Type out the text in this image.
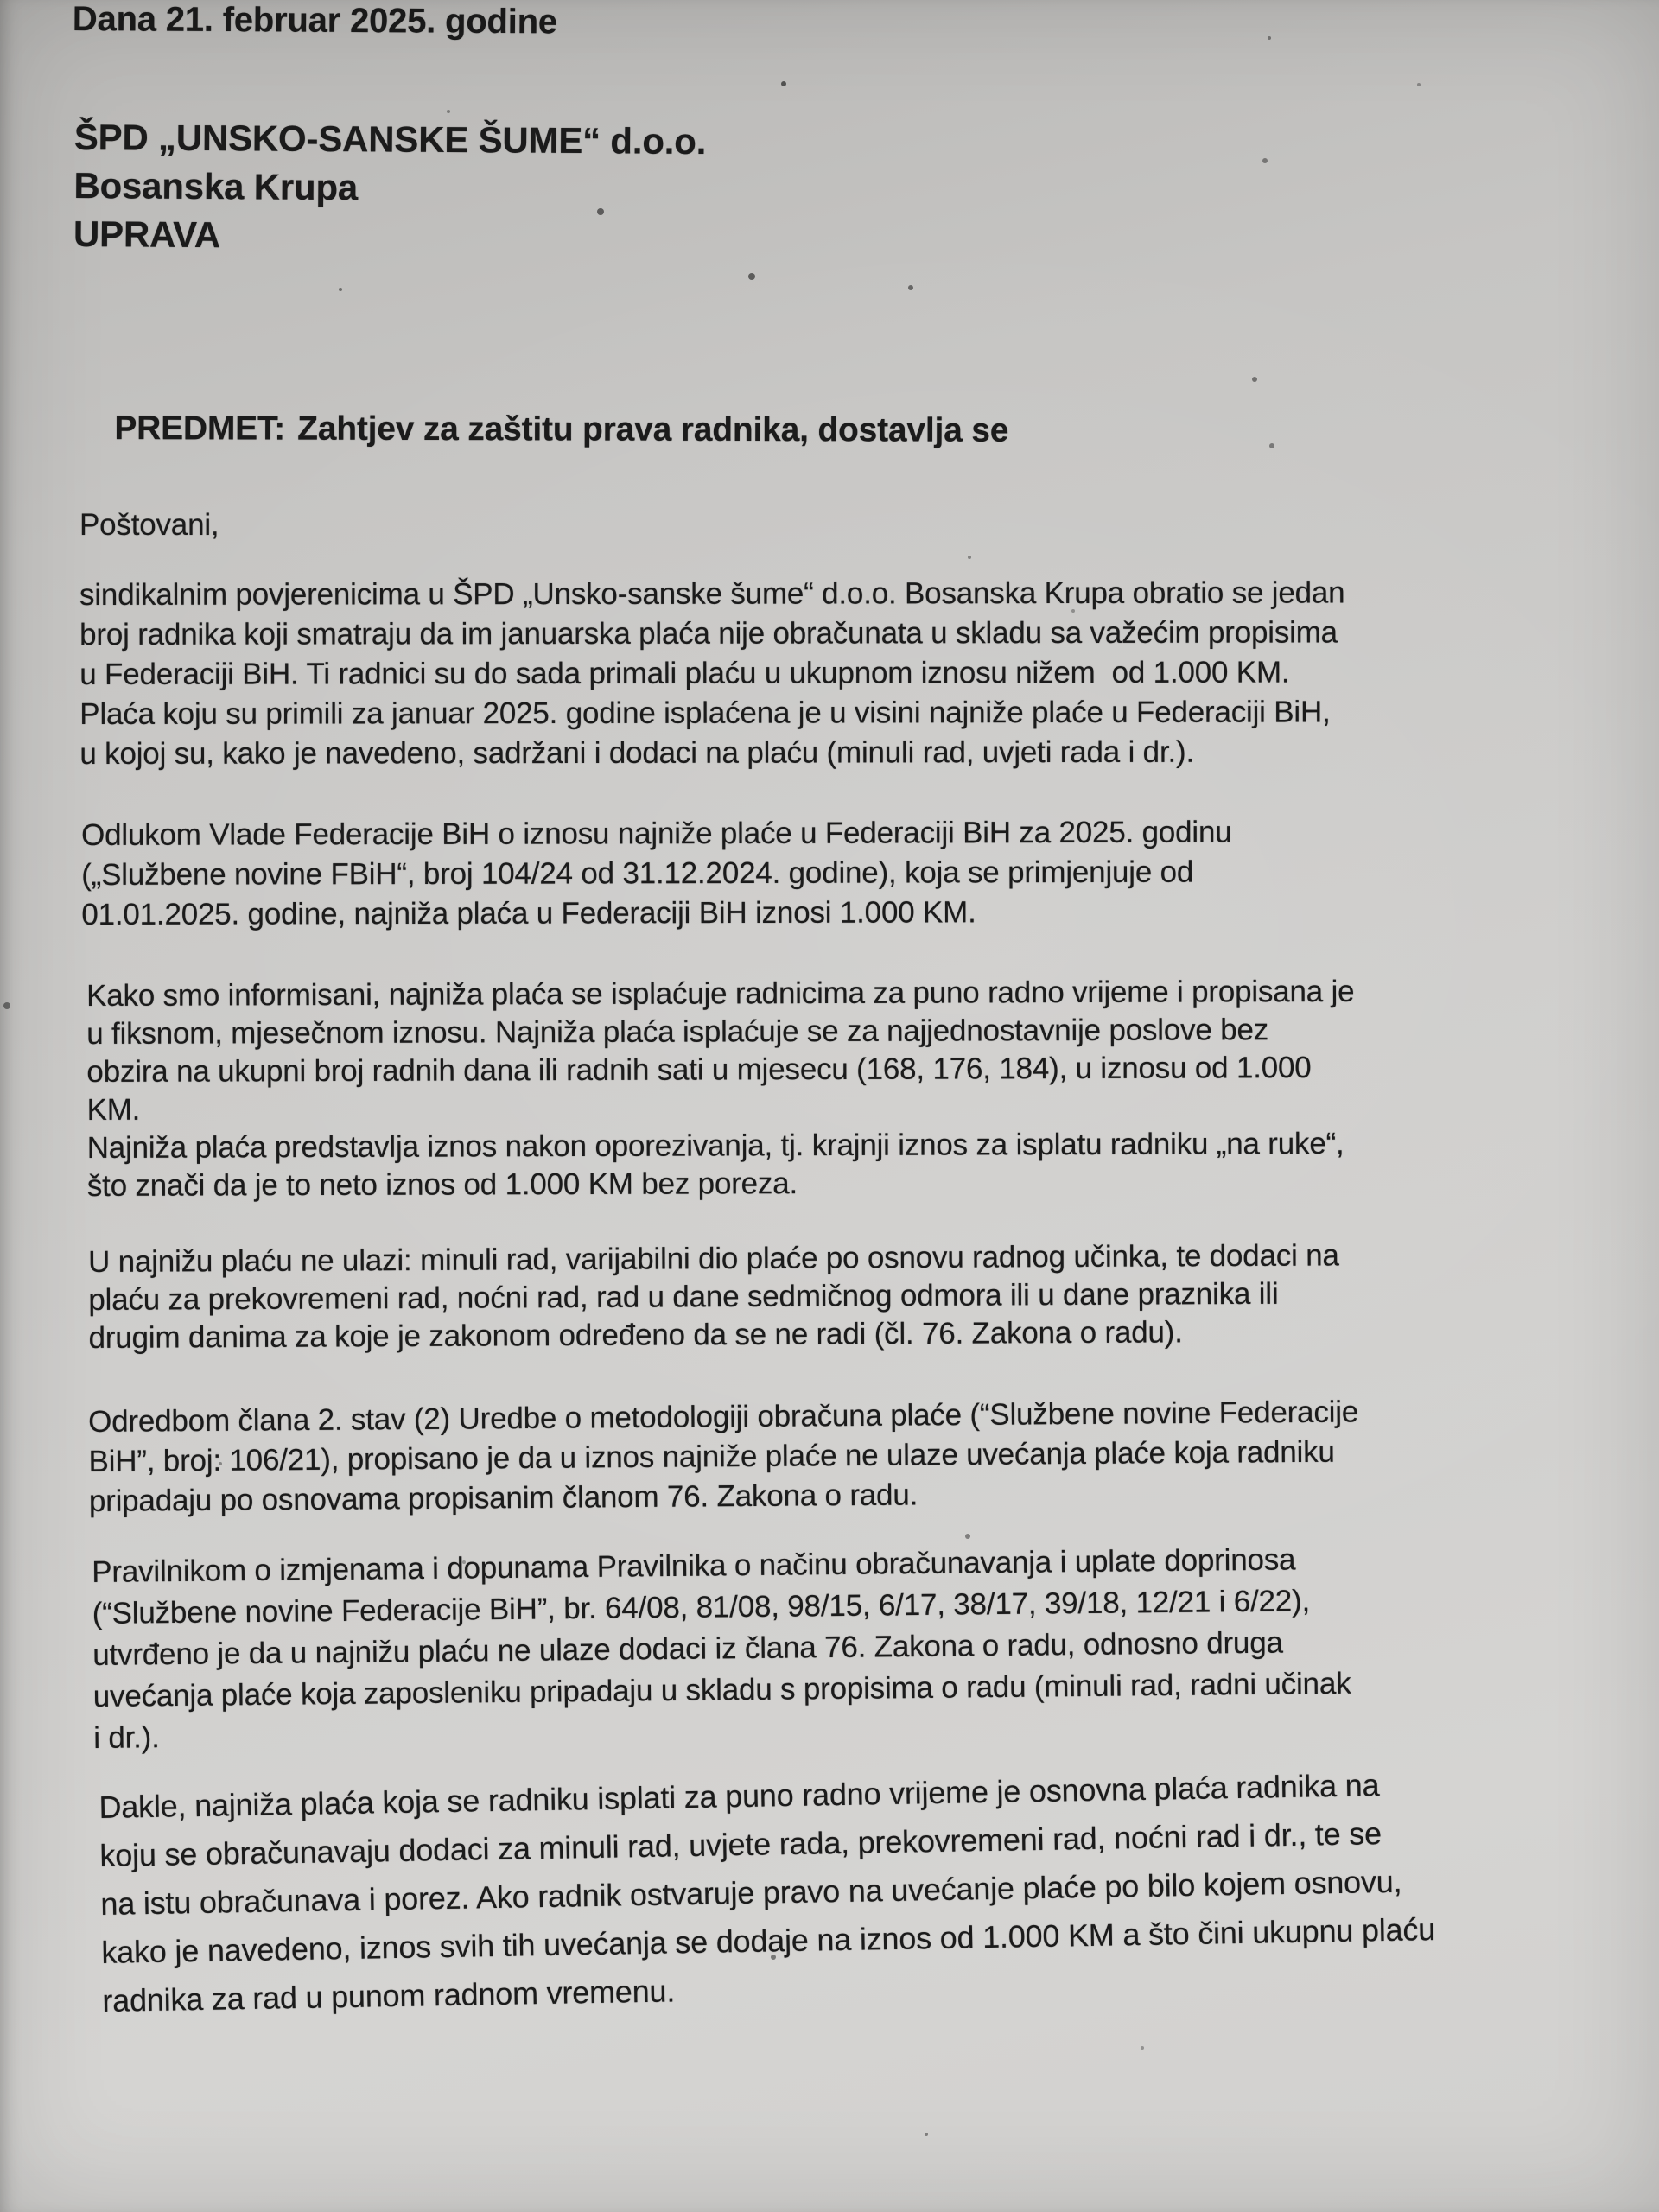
Dana 21. februar 2025. godine
ŠPD „UNSKO-SANSKE ŠUME“ d.o.o.
Bosanska Krupa
UPRAVA

PREDMET: Zahtjev za zaštitu prava radnika, dostavlja se

Poštovani,
sindikalnim povjerenicima u ŠPD „Unsko-sanske šume“ d.o.o. Bosanska Krupa obratio se jedan
broj radnika koji smatraju da im januarska plaća nije obračunata u skladu sa važećim propisima
u Federaciji BiH. Ti radnici su do sada primali plaću u ukupnom iznosu nižem  od 1.000 KM.
Plaća koju su primili za januar 2025. godine isplaćena je u visini najniže plaće u Federaciji BiH,
u kojoj su, kako je navedeno, sadržani i dodaci na plaću (minuli rad, uvjeti rada i dr.).
Odlukom Vlade Federacije BiH o iznosu najniže plaće u Federaciji BiH za 2025. godinu
(„Službene novine FBiH“, broj 104/24 od 31.12.2024. godine), koja se primjenjuje od
01.01.2025. godine, najniža plaća u Federaciji BiH iznosi 1.000 KM.
Kako smo informisani, najniža plaća se isplaćuje radnicima za puno radno vrijeme i propisana je
u fiksnom, mjesečnom iznosu. Najniža plaća isplaćuje se za najjednostavnije poslove bez
obzira na ukupni broj radnih dana ili radnih sati u mjesecu (168, 176, 184), u iznosu od 1.000
KM.
Najniža plaća predstavlja iznos nakon oporezivanja, tj. krajnji iznos za isplatu radniku „na ruke“,
što znači da je to neto iznos od 1.000 KM bez poreza.
U najnižu plaću ne ulazi: minuli rad, varijabilni dio plaće po osnovu radnog učinka, te dodaci na
plaću za prekovremeni rad, noćni rad, rad u dane sedmičnog odmora ili u dane praznika ili
drugim danima za koje je zakonom određeno da se ne radi (čl. 76. Zakona o radu).
Odredbom člana 2. stav (2) Uredbe o metodologiji obračuna plaće (“Službene novine Federacije
BiH”, broj: 106/21), propisano je da u iznos najniže plaće ne ulaze uvećanja plaće koja radniku
pripadaju po osnovama propisanim članom 76. Zakona o radu.
Pravilnikom o izmjenama i dopunama Pravilnika o načinu obračunavanja i uplate doprinosa
(“Službene novine Federacije BiH”, br. 64/08, 81/08, 98/15, 6/17, 38/17, 39/18, 12/21 i 6/22),
utvrđeno je da u najnižu plaću ne ulaze dodaci iz člana 76. Zakona o radu, odnosno druga
uvećanja plaće koja zaposleniku pripadaju u skladu s propisima o radu (minuli rad, radni učinak
i dr.).
Dakle, najniža plaća koja se radniku isplati za puno radno vrijeme je osnovna plaća radnika na
koju se obračunavaju dodaci za minuli rad, uvjete rada, prekovremeni rad, noćni rad i dr., te se
na istu obračunava i porez. Ako radnik ostvaruje pravo na uvećanje plaće po bilo kojem osnovu,
kako je navedeno, iznos svih tih uvećanja se dodaje na iznos od 1.000 KM a što čini ukupnu plaću
radnika za rad u punom radnom vremenu.
